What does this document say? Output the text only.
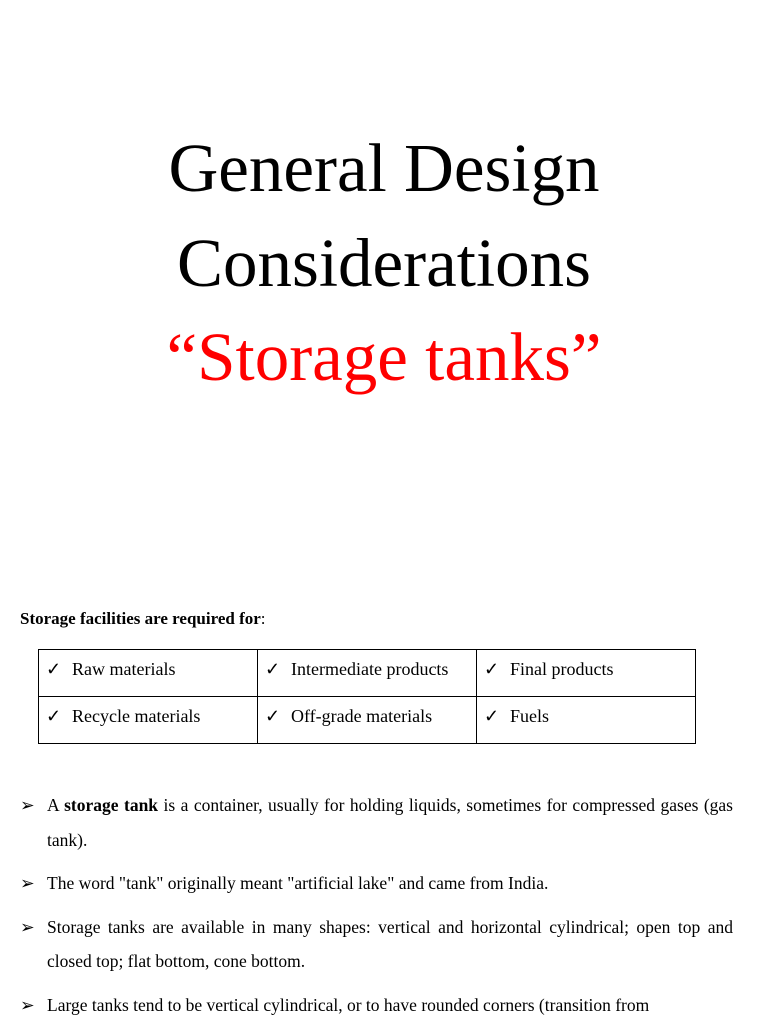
General Design
Considerations
“Storage tanks”
Storage facilities are required for:
✓ Raw materials	✓ Intermediate products	✓ Final products
✓ Recycle materials	✓ Off-grade materials	✓ Fuels
➢ A storage tank is a container, usually for holding liquids, sometimes for compressed gases (gas tank).
➢ The word "tank" originally meant "artificial lake" and came from India.
➢ Storage tanks are available in many shapes: vertical and horizontal cylindrical; open top and closed top; flat bottom, cone bottom.
➢ Large tanks tend to be vertical cylindrical, or to have rounded corners (transition from
